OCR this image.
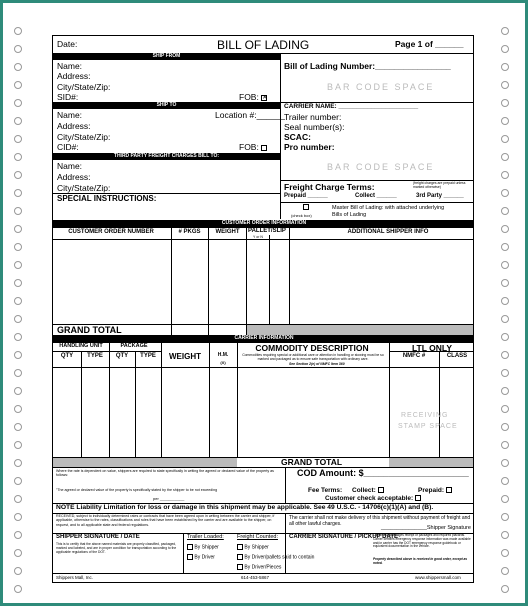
Date:	BILL OF LADING	Page 1 of ______
SHIP FROM
Name:
Address:
City/State/Zip:
SID#:	FOB: ✕
SHIP TO
Name:	Location #:______
Address:
City/State/Zip:
CID#:	FOB:
THIRD PARTY FREIGHT CHARGES BILL TO:
Name:
Address:
City/State/Zip:
SPECIAL INSTRUCTIONS:
Bill of Lading Number:________________
BAR CODE SPACE
CARRIER NAME: ______________________
Trailer number:
Seal number(s):
SCAC:
Pro number:
BAR CODE SPACE
Freight Charge Terms:	(freight charges are prepaid unless marked otherwise)
Prepaid ______	Collect ______	3rd Party ______
(check box)
Master Bill of Lading: with attached underlying Bills of Lading
CUSTOMER ORDER INFORMATION
CUSTOMER ORDER NUMBER	# PKGS	WEIGHT	PALLET/SLIP
Y or N
ADDITIONAL SHIPPER INFO
GRAND TOTAL
CARRIER INFORMATION
HANDLING UNIT	PACKAGE
QTY	TYPE	QTY	TYPE	WEIGHT	H.M.
(X)
COMMODITY DESCRIPTION
Commodities requiring special or additional care or attention in handling or stowing must be so marked and packaged as to ensure safe transportation with ordinary care.
See Section 2(e) of NMFC Item 360
LTL ONLY
NMFC #	CLASS
RECEIVING
STAMP SPACE
GRAND TOTAL
Where the rate is dependent on value, shippers are required to state specifically in writing the agreed or declared value of the property as follows:
"The agreed or declared value of the property is specifically stated by the shipper to be not exceeding
per ___________
COD Amount: $_____________________
Fee Terms: Collect:	Prepaid:
Customer check acceptable:
NOTE Liability Limitation for loss or damage in this shipment may be applicable. See 49 U.S.C. - 14706(c)(1)(A) and (B).
RECEIVED, subject to individually determined rates or contracts that have been agreed upon in writing between the carrier and shipper, if applicable, otherwise to the rates, classifications and rules that have been established by the carrier and are available to the shipper, on request, and to all applicable state and federal regulations.
The carrier shall not make delivery of this shipment without payment of freight and all other lawful charges.
_______________Shipper Signature
SHIPPER SIGNATURE / DATE
This is to certify that the above named materials are properly classified, packaged, marked and labeled, and are in proper condition for transportation according to the applicable regulations of the DOT.
Trailer Loaded:
By Shipper
By Driver
Freight Counted:
By Shipper
By Driver/pallets said to contain
By Driver/Pieces
CARRIER SIGNATURE / PICKUP DATE
Carrier acknowledges receipt of packages and required placards. Carrier certifies emergency response information was made available and/or carrier has the DOT emergency response guidebook or equivalent documentation in the vehicle.
Property described above is received in good order, except as noted.
Shippers Mall, Inc.	614-453-5867	www.shippersmall.com
